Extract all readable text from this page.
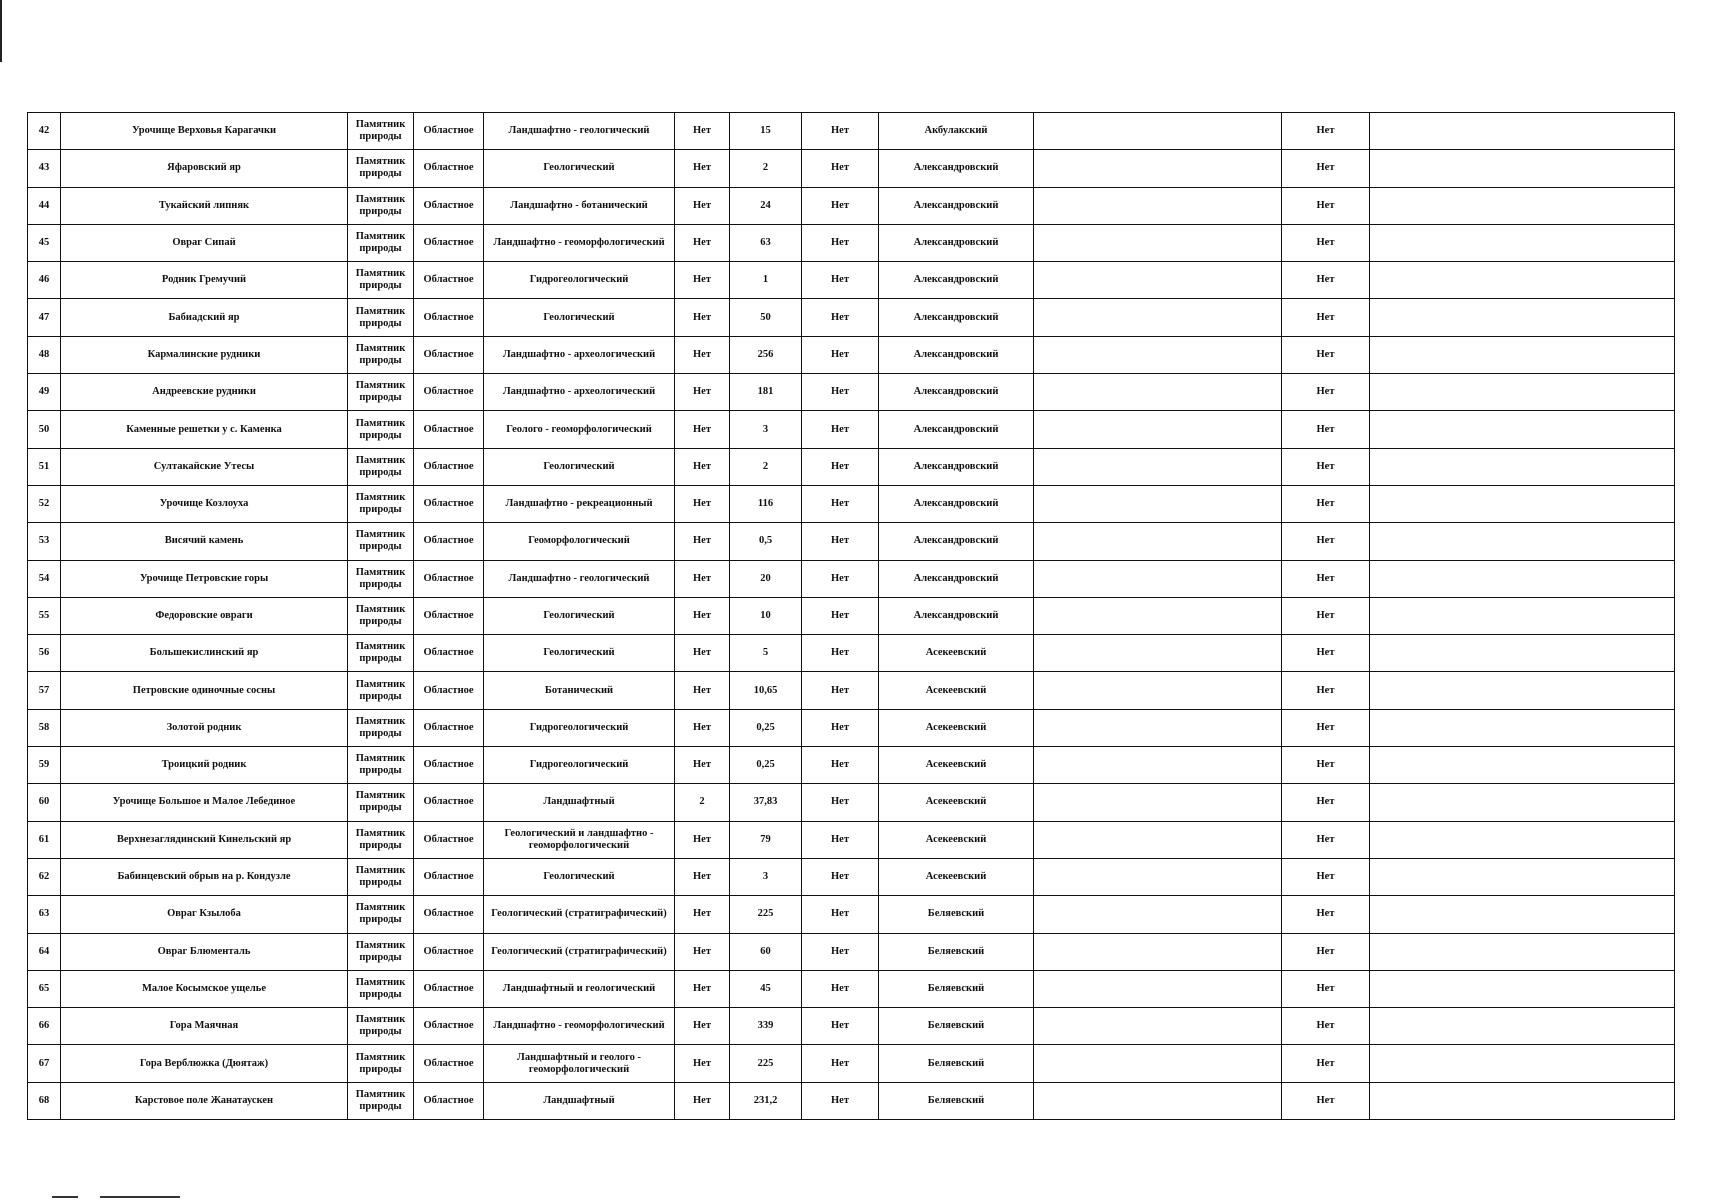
42	Урочище Верховья Карагачки	Памятник природы	Областное	Ландшафтно - геологический	Нет	15	Нет	Акбулакский		Нет	
43	Яфаровский яр	Памятник природы	Областное	Геологический	Нет	2	Нет	Александровский		Нет	
44	Тукайский липняк	Памятник природы	Областное	Ландшафтно - ботанический	Нет	24	Нет	Александровский		Нет	
45	Овраг Сипай	Памятник природы	Областное	Ландшафтно - геоморфологический	Нет	63	Нет	Александровский		Нет	
46	Родник Гремучий	Памятник природы	Областное	Гидрогеологический	Нет	1	Нет	Александровский		Нет	
47	Бабиадский яр	Памятник природы	Областное	Геологический	Нет	50	Нет	Александровский		Нет	
48	Кармалинские рудники	Памятник природы	Областное	Ландшафтно - археологический	Нет	256	Нет	Александровский		Нет	
49	Андреевские рудники	Памятник природы	Областное	Ландшафтно - археологический	Нет	181	Нет	Александровский		Нет	
50	Каменные решетки у с. Каменка	Памятник природы	Областное	Геолого - геоморфологический	Нет	3	Нет	Александровский		Нет	
51	Султакайские Утесы	Памятник природы	Областное	Геологический	Нет	2	Нет	Александровский		Нет	
52	Урочище Козлоуха	Памятник природы	Областное	Ландшафтно - рекреационный	Нет	116	Нет	Александровский		Нет	
53	Висячий камень	Памятник природы	Областное	Геоморфологический	Нет	0,5	Нет	Александровский		Нет	
54	Урочище Петровские горы	Памятник природы	Областное	Ландшафтно - геологический	Нет	20	Нет	Александровский		Нет	
55	Федоровские овраги	Памятник природы	Областное	Геологический	Нет	10	Нет	Александровский		Нет	
56	Большекислинский яр	Памятник природы	Областное	Геологический	Нет	5	Нет	Асекеевский		Нет	
57	Петровские одиночные сосны	Памятник природы	Областное	Ботанический	Нет	10,65	Нет	Асекеевский		Нет	
58	Золотой родник	Памятник природы	Областное	Гидрогеологический	Нет	0,25	Нет	Асекеевский		Нет	
59	Троицкий родник	Памятник природы	Областное	Гидрогеологический	Нет	0,25	Нет	Асекеевский		Нет	
60	Урочище Большое и Малое Лебединое	Памятник природы	Областное	Ландшафтный	2	37,83	Нет	Асекеевский		Нет	
61	Верхнезаглядинский Кинельский яр	Памятник природы	Областное	Геологический и ландшафтно - геоморфологический	Нет	79	Нет	Асекеевский		Нет	
62	Бабинцевский обрыв на р. Кондузле	Памятник природы	Областное	Геологический	Нет	3	Нет	Асекеевский		Нет	
63	Овраг Кзылоба	Памятник природы	Областное	Геологический (стратиграфический)	Нет	225	Нет	Беляевский		Нет	
64	Овраг Блюменталь	Памятник природы	Областное	Геологический (стратиграфический)	Нет	60	Нет	Беляевский		Нет	
65	Малое Косымское ущелье	Памятник природы	Областное	Ландшафтный и геологический	Нет	45	Нет	Беляевский		Нет	
66	Гора Маячная	Памятник природы	Областное	Ландшафтно - геоморфологический	Нет	339	Нет	Беляевский		Нет	
67	Гора Верблюжка (Дюятаж)	Памятник природы	Областное	Ландшафтный и геолого - геоморфологический	Нет	225	Нет	Беляевский		Нет	
68	Карстовое поле Жанатаускен	Памятник природы	Областное	Ландшафтный	Нет	231,2	Нет	Беляевский		Нет	
